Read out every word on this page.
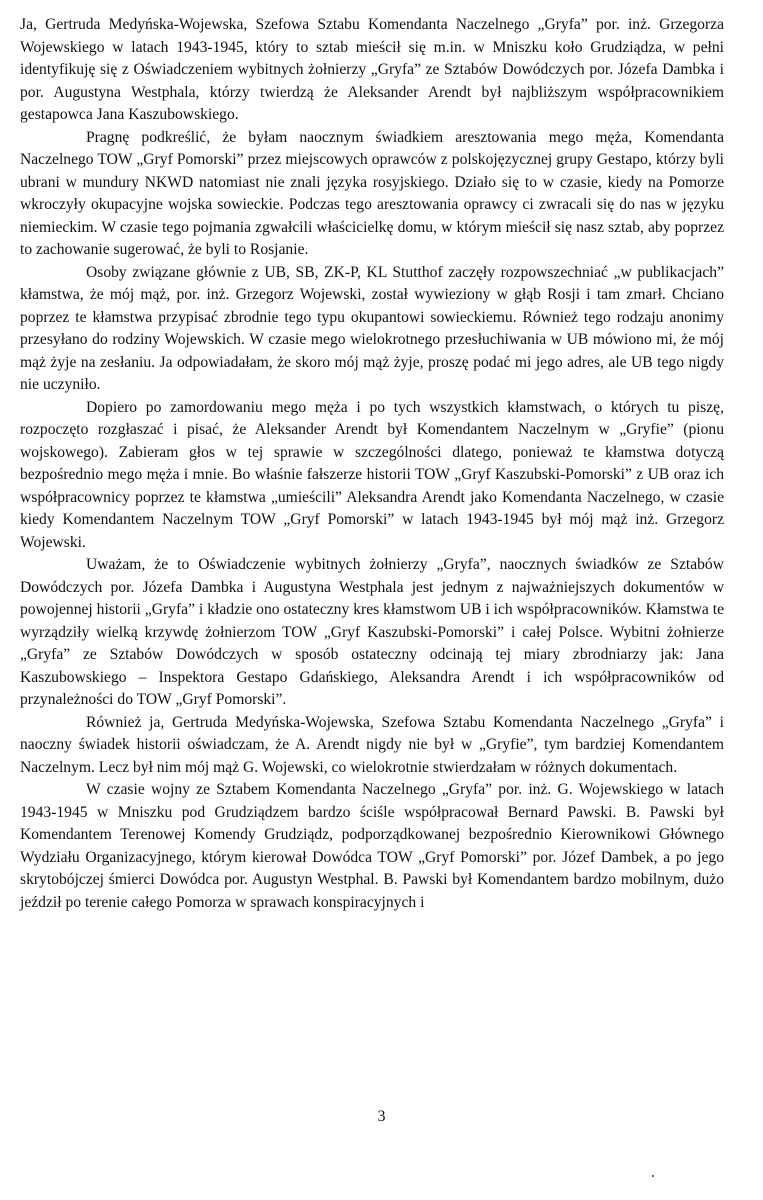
Ja, Gertruda Medyńska-Wojewska, Szefowa Sztabu Komendanta Naczelnego „Gryfa” por. inż. Grzegorza Wojewskiego w latach 1943-1945, który to sztab mieścił się m.in. w Mniszku koło Grudziądza, w pełni identyfikuję się z Oświadczeniem wybitnych żołnierzy „Gryfa” ze Sztabów Dowódczych por. Józefa Dambka i por. Augustyna Westphala, którzy twierdzą że Aleksander Arendt był najbliższym współpracownikiem gestapowca Jana Kaszubowskiego.

Pragnę podkreślić, że byłam naocznym świadkiem aresztowania mego męża, Komendanta Naczelnego TOW „Gryf Pomorski” przez miejscowych oprawców z polskojęzycznej grupy Gestapo, którzy byli ubrani w mundury NKWD natomiast nie znali języka rosyjskiego. Działo się to w czasie, kiedy na Pomorze wkroczyły okupacyjne wojska sowieckie. Podczas tego aresztowania oprawcy ci zwracali się do nas w języku niemieckim. W czasie tego pojmania zgwałcili właścicielkę domu, w którym mieścił się nasz sztab, aby poprzez to zachowanie sugerować, że byli to Rosjanie.

Osoby związane głównie z UB, SB, ZK-P, KL Stutthof zaczęły rozpowszechniać „w publikacjach” kłamstwa, że mój mąż, por. inż. Grzegorz Wojewski, został wywieziony w głąb Rosji i tam zmarł. Chciano poprzez te kłamstwa przypisać zbrodnie tego typu okupantowi sowieckiemu. Również tego rodzaju anonimy przesyłano do rodziny Wojewskich. W czasie mego wielokrotnego przesłuchiwania w UB mówiono mi, że mój mąż żyje na zesłaniu. Ja odpowiadałam, że skoro mój mąż żyje, proszę podać mi jego adres, ale UB tego nigdy nie uczyniło.

Dopiero po zamordowaniu mego męża i po tych wszystkich kłamstwach, o których tu piszę, rozpoczęto rozgłaszać i pisać, że Aleksander Arendt był Komendantem Naczelnym w „Gryfie” (pionu wojskowego). Zabieram głos w tej sprawie w szczególności dlatego, ponieważ te kłamstwa dotyczą bezpośrednio mego męża i mnie. Bo właśnie fałszerze historii TOW „Gryf Kaszubski-Pomorski” z UB oraz ich współpracownicy poprzez te kłamstwa „umieścili” Aleksandra Arendt jako Komendanta Naczelnego, w czasie kiedy Komendantem Naczelnym TOW „Gryf Pomorski” w latach 1943-1945 był mój mąż inż. Grzegorz Wojewski.

Uważam, że to Oświadczenie wybitnych żołnierzy „Gryfa”, naocznych świadków ze Sztabów Dowódczych por. Józefa Dambka i Augustyna Westphala jest jednym z najważniejszych dokumentów w powojennej historii „Gryfa” i kładzie ono ostateczny kres kłamstwom UB i ich współpracowników. Kłamstwa te wyrządziły wielką krzywdę żołnierzom TOW „Gryf Kaszubski-Pomorski” i całej Polsce. Wybitni żołnierze „Gryfa” ze Sztabów Dowódczych w sposób ostateczny odcinają tej miary zbrodniarzy jak: Jana Kaszubowskiego – Inspektora Gestapo Gdańskiego, Aleksandra Arendt i ich współpracowników od przynależności do TOW „Gryf Pomorski”.

Również ja, Gertruda Medyńska-Wojewska, Szefowa Sztabu Komendanta Naczelnego „Gryfa” i naoczny świadek historii oświadczam, że A. Arendt nigdy nie był w „Gryfie”, tym bardziej Komendantem Naczelnym. Lecz był nim mój mąż G. Wojewski, co wielokrotnie stwierdzałam w różnych dokumentach.

W czasie wojny ze Sztabem Komendanta Naczelnego „Gryfa” por. inż. G. Wojewskiego w latach 1943-1945 w Mniszku pod Grudziądzem bardzo ściśle współpracował Bernard Pawski. B. Pawski był Komendantem Terenowej Komendy Grudziądz, podporządkowanej bezpośrednio Kierownikowi Głównego Wydziału Organizacyjnego, którym kierował Dowódca TOW „Gryf Pomorski” por. Józef Dambek, a po jego skrytobójczej śmierci Dowódca por. Augustyn Westphal. B. Pawski był Komendantem bardzo mobilnym, dużo jeździł po terenie całego Pomorza w sprawach konspiracyjnych i

3
